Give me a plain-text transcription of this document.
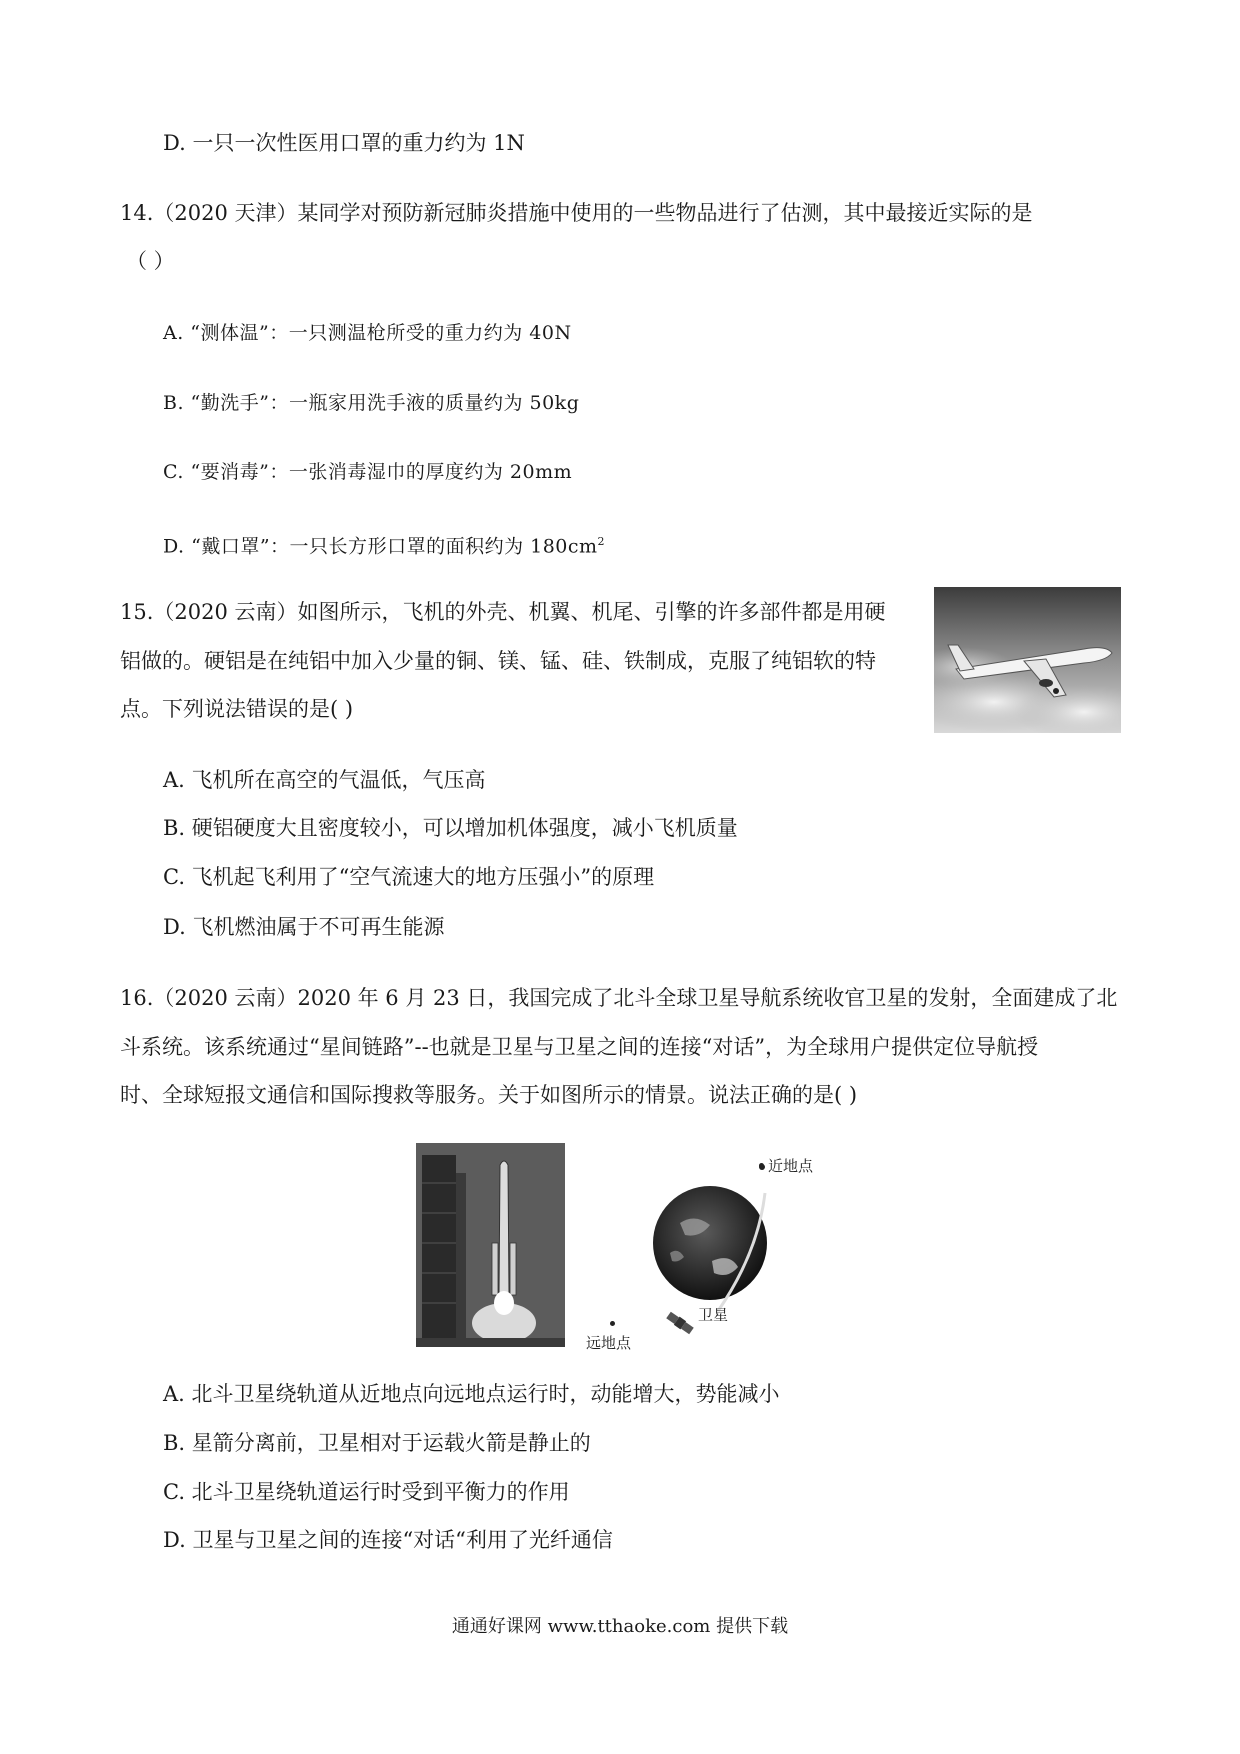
D. 一只一次性医用口罩的重力约为 1N
14.（2020 天津）某同学对预防新冠肺炎措施中使用的一些物品进行了估测，其中最接近实际的是
（ ）
A. “测体温”：一只测温枪所受的重力约为 40N
B. “勤洗手”：一瓶家用洗手液的质量约为 50kg
C. “要消毒”：一张消毒湿巾的厚度约为 20mm
D. “戴口罩”：一只长方形口罩的面积约为 $180cm^2$
15.（2020 云南）如图所示，飞机的外壳、机翼、机尾、引擎的许多部件都是用硬
铝做的。硬铝是在纯铝中加入少量的铜、镁、锰、硅、铁制成，克服了纯铝软的特
点。下列说法错误的是( )
A. 飞机所在高空的气温低，气压高
B. 硬铝硬度大且密度较小，可以增加机体强度，减小飞机质量
C. 飞机起飞利用了“空气流速大的地方压强小”的原理
D. 飞机燃油属于不可再生能源
16.（2020 云南）2020 年 6 月 23 日，我国完成了北斗全球卫星导航系统收官卫星的发射，全面建成了北
斗系统。该系统通过“星间链路”--也就是卫星与卫星之间的连接“对话”，为全球用户提供定位导航授
时、全球短报文通信和国际搜救等服务。关于如图所示的情景。说法正确的是( )
近地点
卫星
远地点
A. 北斗卫星绕轨道从近地点向远地点运行时，动能增大，势能减小
B. 星箭分离前，卫星相对于运载火箭是静止的
C. 北斗卫星绕轨道运行时受到平衡力的作用
D. 卫星与卫星之间的连接“对话“利用了光纤通信
通通好课网 www.tthaoke.com 提供下载
